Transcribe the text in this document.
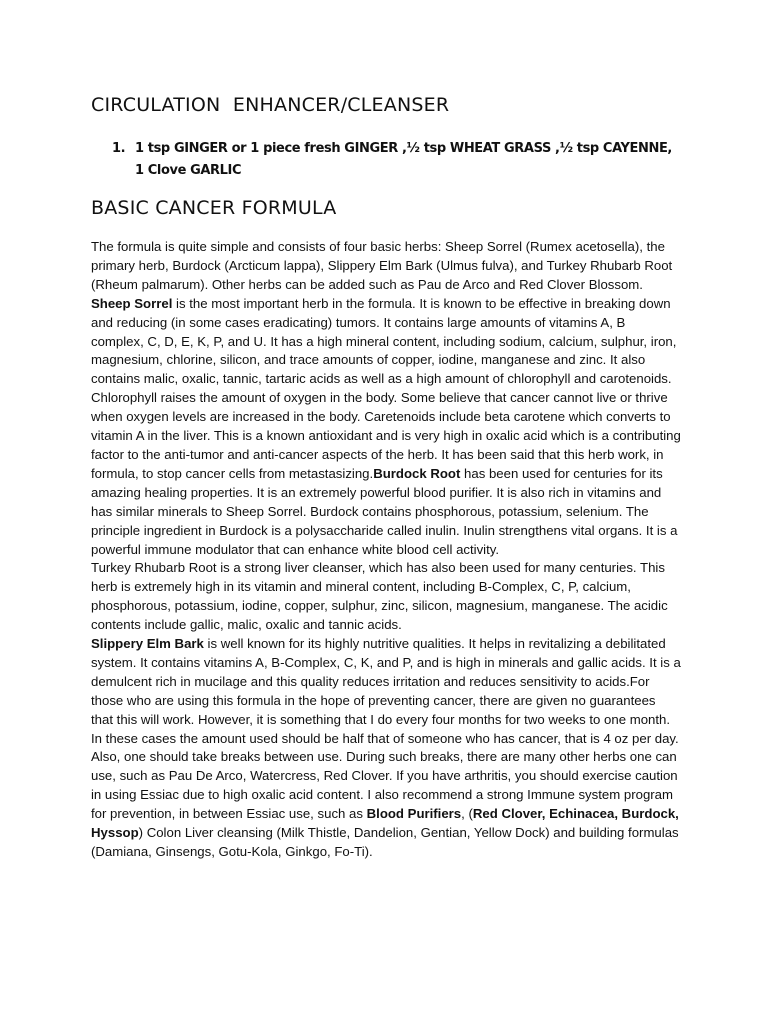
CIRCULATION  ENHANCER/CLEANSER
1. 1 tsp GINGER or 1 piece fresh GINGER ,½ tsp WHEAT GRASS ,½ tsp CAYENNE, 1 Clove GARLIC
BASIC CANCER FORMULA

The formula is quite simple and consists of four basic herbs: Sheep Sorrel (Rumex acetosella), the primary herb, Burdock (Arcticum lappa), Slippery Elm Bark (Ulmus fulva), and Turkey Rhubarb Root (Rheum palmarum). Other herbs can be added such as Pau de Arco and Red Clover Blossom.
Sheep Sorrel is the most important herb in the formula. It is known to be effective in breaking down and reducing (in some cases eradicating) tumors. It contains large amounts of vitamins A, B complex, C, D, E, K, P, and U. It has a high mineral content, including sodium, calcium, sulphur, iron, magnesium, chlorine, silicon, and trace amounts of copper, iodine, manganese and zinc. It also contains malic, oxalic, tannic, tartaric acids as well as a high amount of chlorophyll and carotenoids. Chlorophyll raises the amount of oxygen in the body. Some believe that cancer cannot live or thrive when oxygen levels are increased in the body. Caretenoids include beta carotene which converts to vitamin A in the liver. This is a known antioxidant and is very high in oxalic acid which is a contributing factor to the anti-tumor and anti-cancer aspects of the herb. It has been said that this herb work, in formula, to stop cancer cells from metastasizing.Burdock Root has been used for centuries for its amazing healing properties. It is an extremely powerful blood purifier. It is also rich in vitamins and has similar minerals to Sheep Sorrel. Burdock contains phosphorous, potassium, selenium. The principle ingredient in Burdock is a polysaccharide called inulin. Inulin strengthens vital organs. It is a powerful immune modulator that can enhance white blood cell activity.
Turkey Rhubarb Root is a strong liver cleanser, which has also been used for many centuries. This herb is extremely high in its vitamin and mineral content, including B-Complex, C, P, calcium, phosphorous, potassium, iodine, copper, sulphur, zinc, silicon, magnesium, manganese. The acidic contents include gallic, malic, oxalic and tannic acids.
Slippery Elm Bark is well known for its highly nutritive qualities. It helps in revitalizing a debilitated system. It contains vitamins A, B-Complex, C, K, and P, and is high in minerals and gallic acids. It is a demulcent rich in mucilage and this quality reduces irritation and reduces sensitivity to acids.For those who are using this formula in the hope of preventing cancer, there are given no guarantees that this will work. However, it is something that I do every four months for two weeks to one month. In these cases the amount used should be half that of someone who has cancer, that is 4 oz per day. Also, one should take breaks between use. During such breaks, there are many other herbs one can use, such as Pau De Arco, Watercress, Red Clover. If you have arthritis, you should exercise caution in using Essiac due to high oxalic acid content. I also recommend a strong Immune system program for prevention, in between Essiac use, such as Blood Purifiers, (Red Clover, Echinacea, Burdock, Hyssop) Colon Liver cleansing (Milk Thistle, Dandelion, Gentian, Yellow Dock) and building formulas (Damiana, Ginsengs, Gotu-Kola, Ginkgo, Fo-Ti).
